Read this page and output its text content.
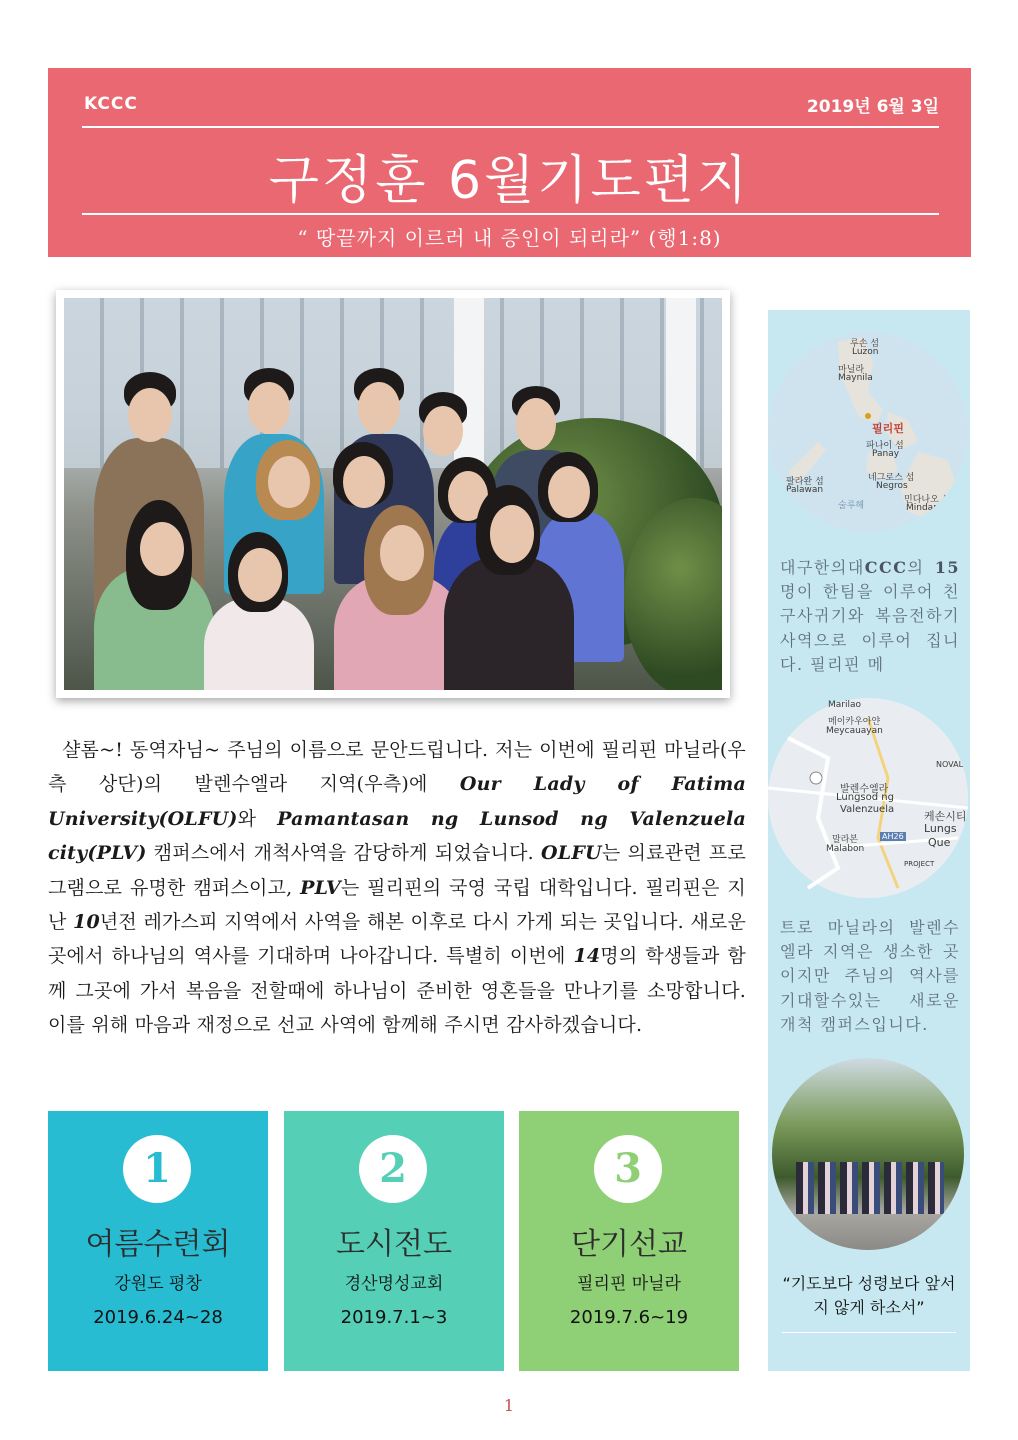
KCCC	2019년 6월 3일
구정훈 6월기도편지
“ 땅끝까지 이르러 내 증인이 되리라” (행1:8)
샬롬~! 동역자님~ 주님의 이름으로 문안드립니다. 저는 이번에 필리핀 마닐라(우측 상단)의 발렌수엘라 지역(우측)에 Our Lady of Fatima University(OLFU)와 Pamantasan ng Lunsod ng Valenzuela city(PLV) 캠퍼스에서 개척사역을 감당하게 되었습니다. OLFU는 의료관련 프로그램으로 유명한 캠퍼스이고, PLV는 필리핀의 국영 국립 대학입니다. 필리핀은 지난 10년전 레가스피 지역에서 사역을 해본 이후로 다시 가게 되는 곳입니다. 새로운 곳에서 하나님의 역사를 기대하며 나아갑니다. 특별히 이번에 14명의 학생들과 함께 그곳에 가서 복음을 전할때에 하나님이 준비한 영혼들을 만나기를 소망합니다. 이를 위해 마음과 재정으로 선교 사역에 함께해 주시면 감사하겠습니다.
1
여름수련회
강원도 평창
2019.6.24~28
2
도시전도
경산명성교회
2019.7.1~3
3
단기선교
필리핀 마닐라
2019.7.6~19
루손 섬
Luzon
마닐라
Maynila
필리핀
파나이 섬
Panay
팔라완 섬
Palawan
네그로스 섬
Negros
민다나오 섬
Mindanao
술루해
대구한의대CCC의 15명이 한팀을 이루어 친구사귀기와 복음전하기 사역으로 이루어 집니다. 필리핀 메
Marilao
메이카우아얀
Meycauayan
발렌수엘라
Lungsod ng
Valenzuela
말라본
Malabon
케손시티
Lungs
Que
NOVAL
AH26
PROJECT
트로 마닐라의 발렌수엘라 지역은 생소한 곳이지만 주님의 역사를 기대할수있는 새로운 개척 캠퍼스입니다.
“기도보다 성령보다 앞서지 않게 하소서”
1
